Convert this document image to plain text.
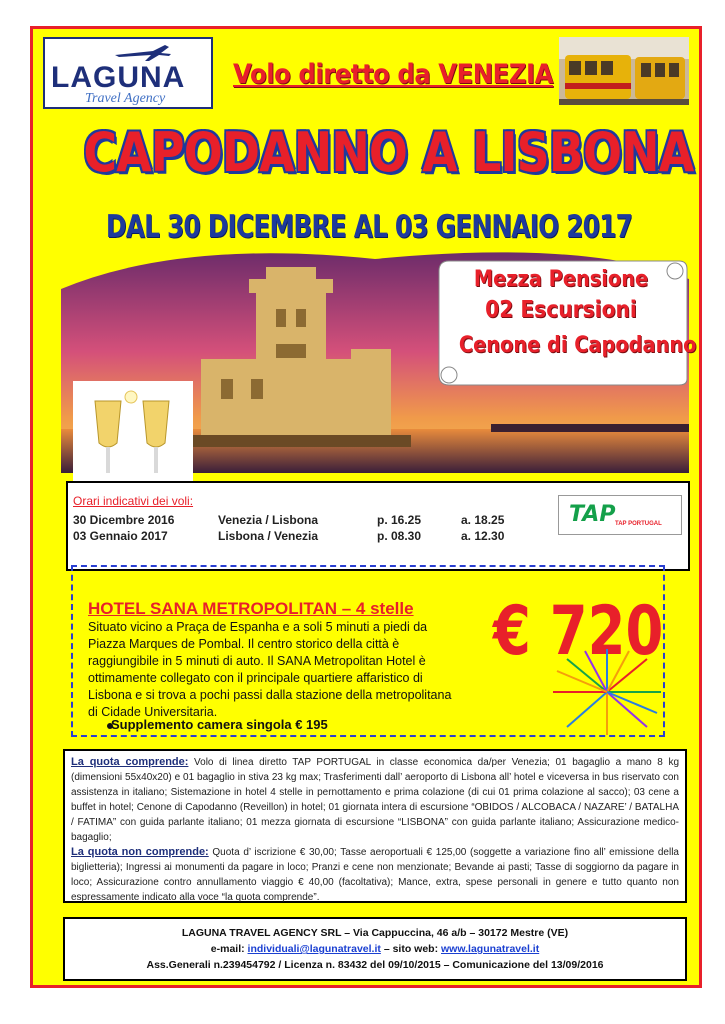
LAGUNA
Travel Agency
Volo diretto da VENEZIA
CAPODANNO A LISBONA
DAL 30 DICEMBRE AL 03 GENNAIO 2017
Mezza Pensione
02 Escursioni
Cenone di Capodanno
Orari indicativi dei voli:
30 Dicembre 2016	Venezia / Lisbona	p. 16.25	a. 18.25
03 Gennaio 2017	Lisbona / Venezia	p. 08.30	a. 12.30
TAP TAP PORTUGAL
HOTEL SANA METROPOLITAN – 4 stelle
Situato vicino a Praça de Espanha e a soli 5 minuti a piedi da Piazza Marques de Pombal. Il centro storico della città è raggiungibile in 5 minuti di auto. Il SANA Metropolitan Hotel è ottimamente collegato con il principale quartiere affaristico di Lisbona e si trova a pochi passi dalla stazione della metropolitana di Cidade Universitaria.
Supplemento camera singola € 195
€ 720
La quota comprende: Volo di linea diretto TAP PORTUGAL in classe economica da/per Venezia; 01 bagaglio a mano 8 kg (dimensioni 55x40x20) e 01 bagaglio in stiva 23 kg max; Trasferimenti dall’ aeroporto di Lisbona all’ hotel e viceversa in bus riservato con assistenza in italiano; Sistemazione in hotel 4 stelle in pernottamento e prima colazione (di cui 01 prima colazione al sacco); 03 cene a buffet in hotel; Cenone di Capodanno (Reveillon) in hotel; 01 giornata intera di escursione “OBIDOS / ALCOBACA / NAZARE’ / BATALHA / FATIMA” con guida parlante italiano; 01 mezza giornata di escursione “LISBONA” con guida parlante italiano; Assicurazione medico-bagaglio;
La quota non comprende: Quota d’ iscrizione € 30,00; Tasse aeroportuali € 125,00 (soggette a variazione fino all’ emissione della biglietteria); Ingressi ai monumenti da pagare in loco; Pranzi e cene non menzionate; Bevande ai pasti; Tasse di soggiorno da pagare in loco; Assicurazione contro annullamento viaggio € 40,00 (facoltativa); Mance, extra, spese personali in genere e tutto quanto non espressamente indicato alla voce “la quota comprende”.
LAGUNA TRAVEL AGENCY SRL – Via Cappuccina, 46 a/b – 30172 Mestre (VE)
e-mail: individuali@lagunatravel.it – sito web: www.lagunatravel.it
Ass.Generali n.239454792 / Licenza n. 83432 del 09/10/2015 – Comunicazione del 13/09/2016
